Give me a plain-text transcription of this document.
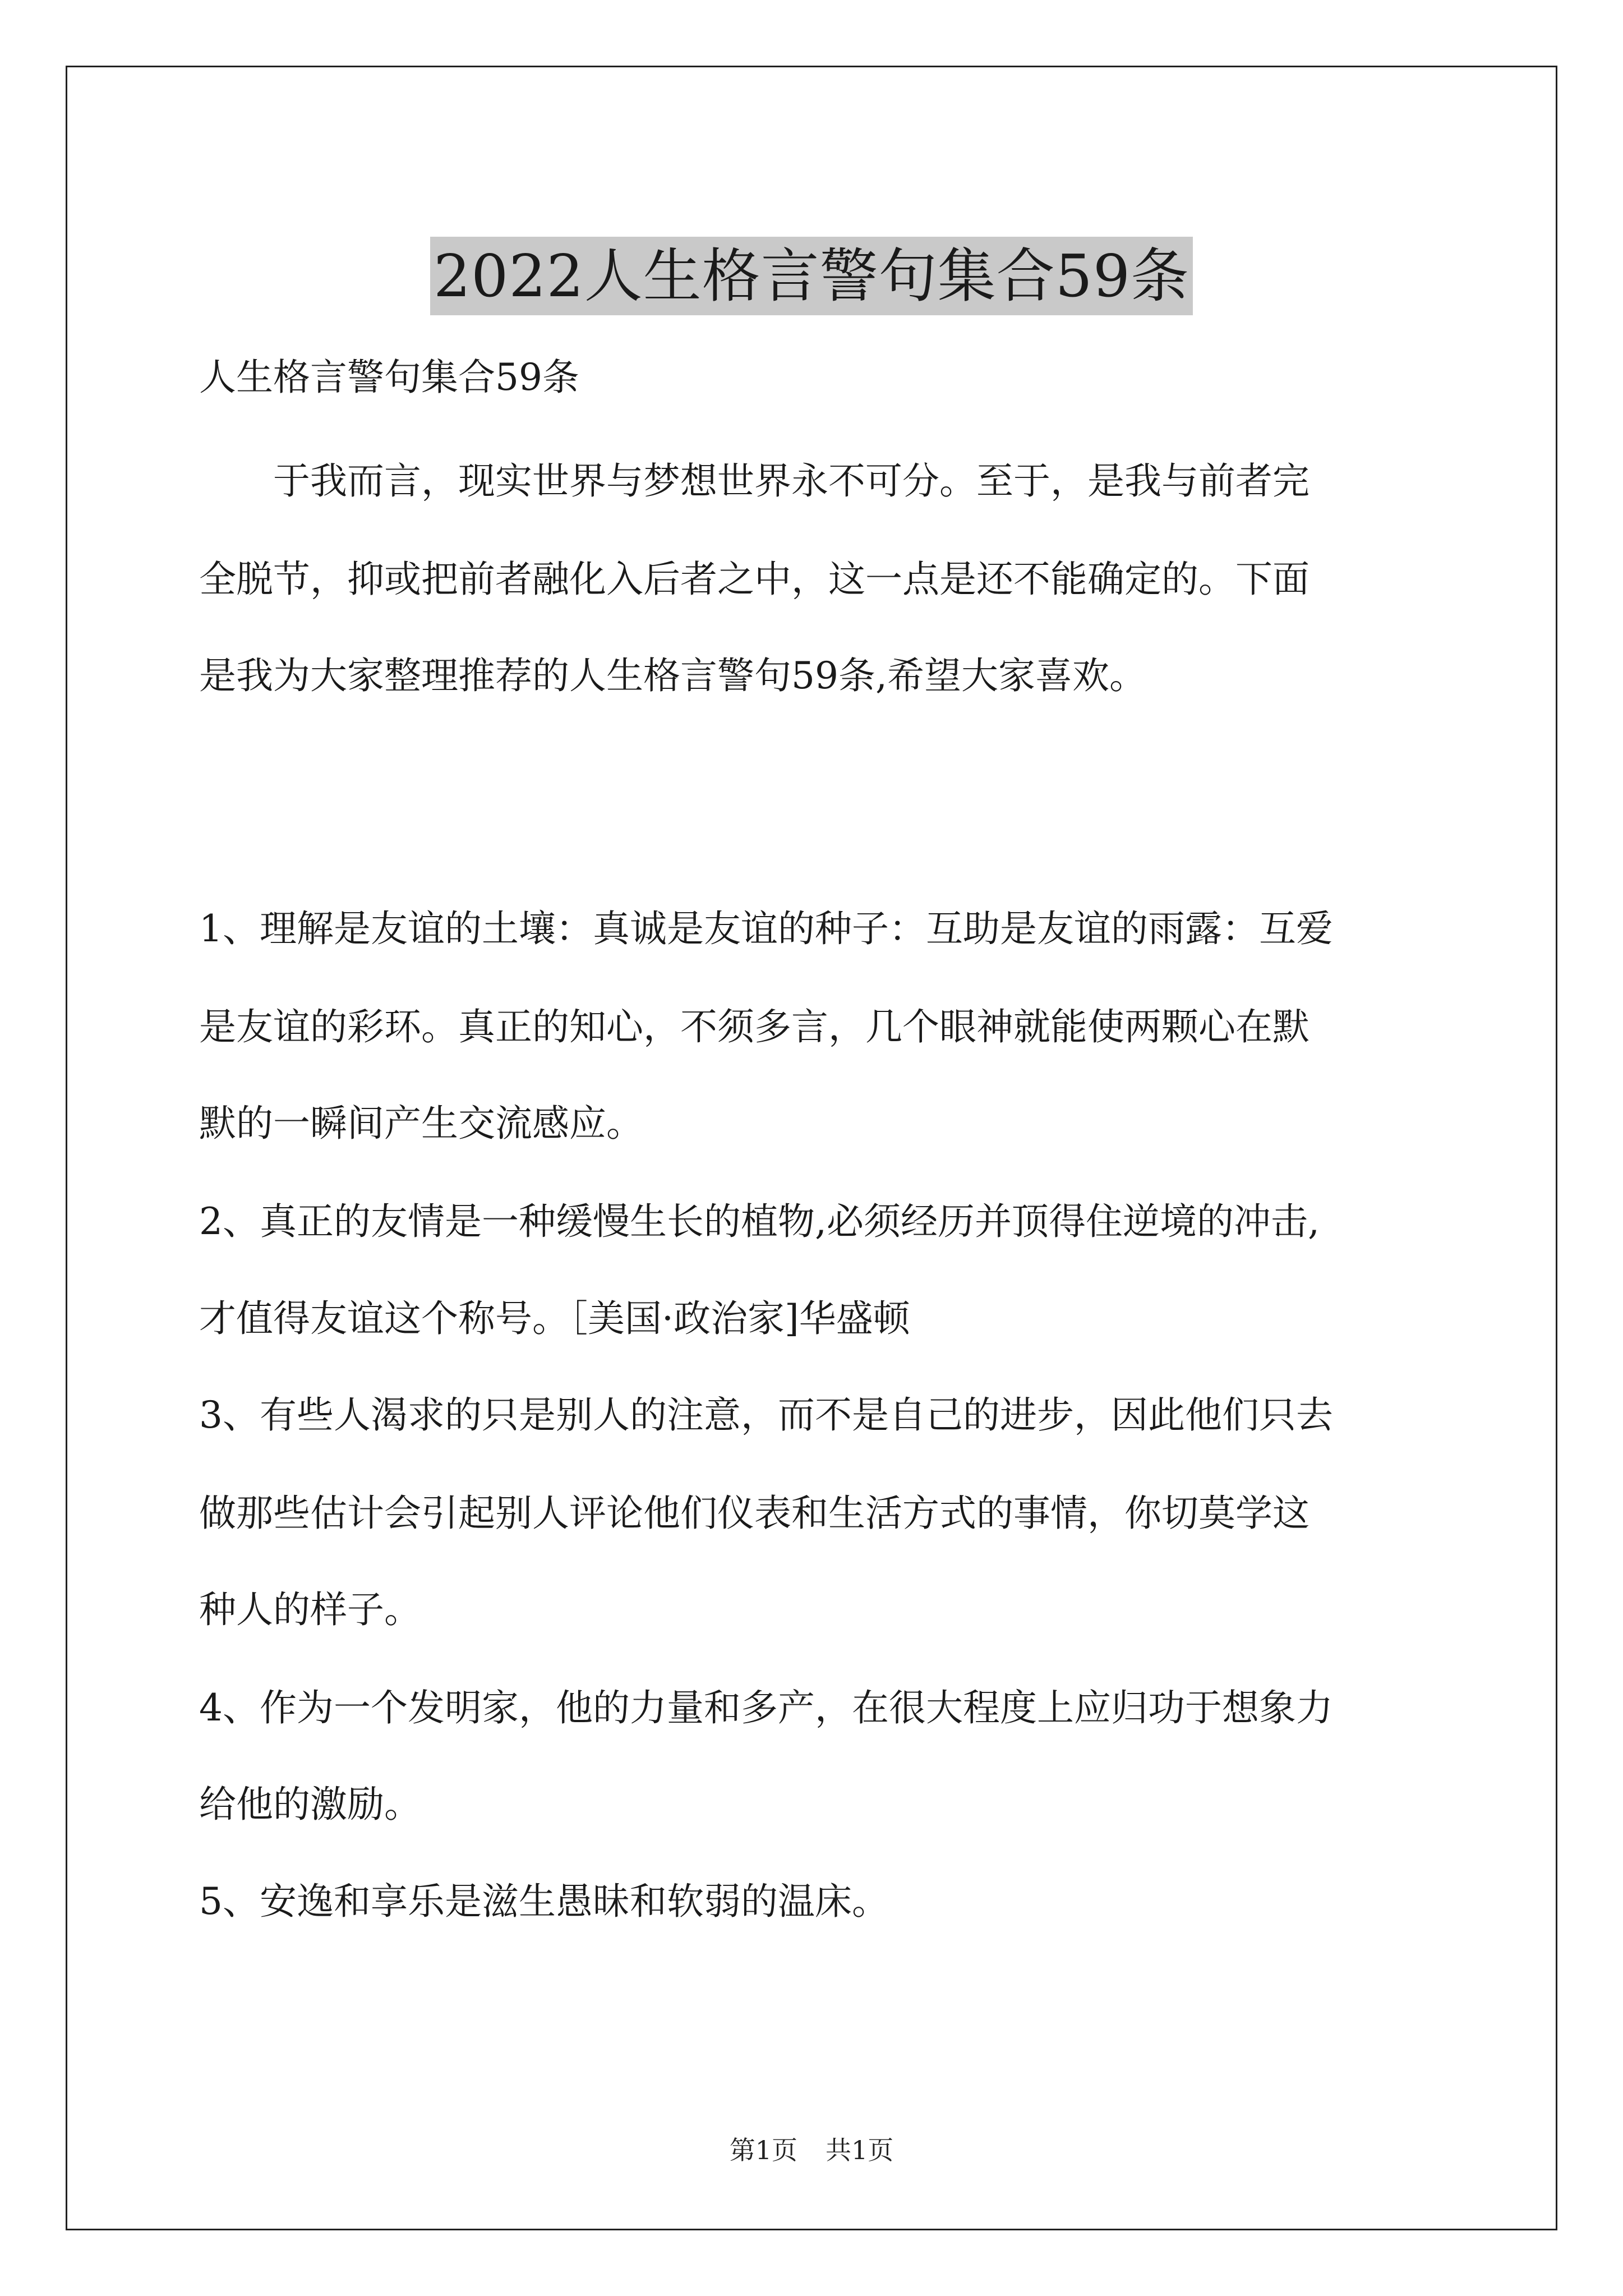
2022人生格言警句集合59条
人生格言警句集合59条
于我而言，现实世界与梦想世界永不可分。至于，是我与前者完
全脱节，抑或把前者融化入后者之中，这一点是还不能确定的。下面
是我为大家整理推荐的人生格言警句59条,希望大家喜欢。
1、理解是友谊的土壤：真诚是友谊的种子：互助是友谊的雨露：互爱
是友谊的彩环。真正的知心，不须多言，几个眼神就能使两颗心在默
默的一瞬间产生交流感应。
2、真正的友情是一种缓慢生长的植物,必须经历并顶得住逆境的冲击,
才值得友谊这个称号。［美国·政治家]华盛顿
3、有些人渴求的只是别人的注意，而不是自己的进步，因此他们只去
做那些估计会引起别人评论他们仪表和生活方式的事情，你切莫学这
种人的样子。
4、作为一个发明家，他的力量和多产，在很大程度上应归功于想象力
给他的激励。
5、安逸和享乐是滋生愚昧和软弱的温床。
第1页 共1页
